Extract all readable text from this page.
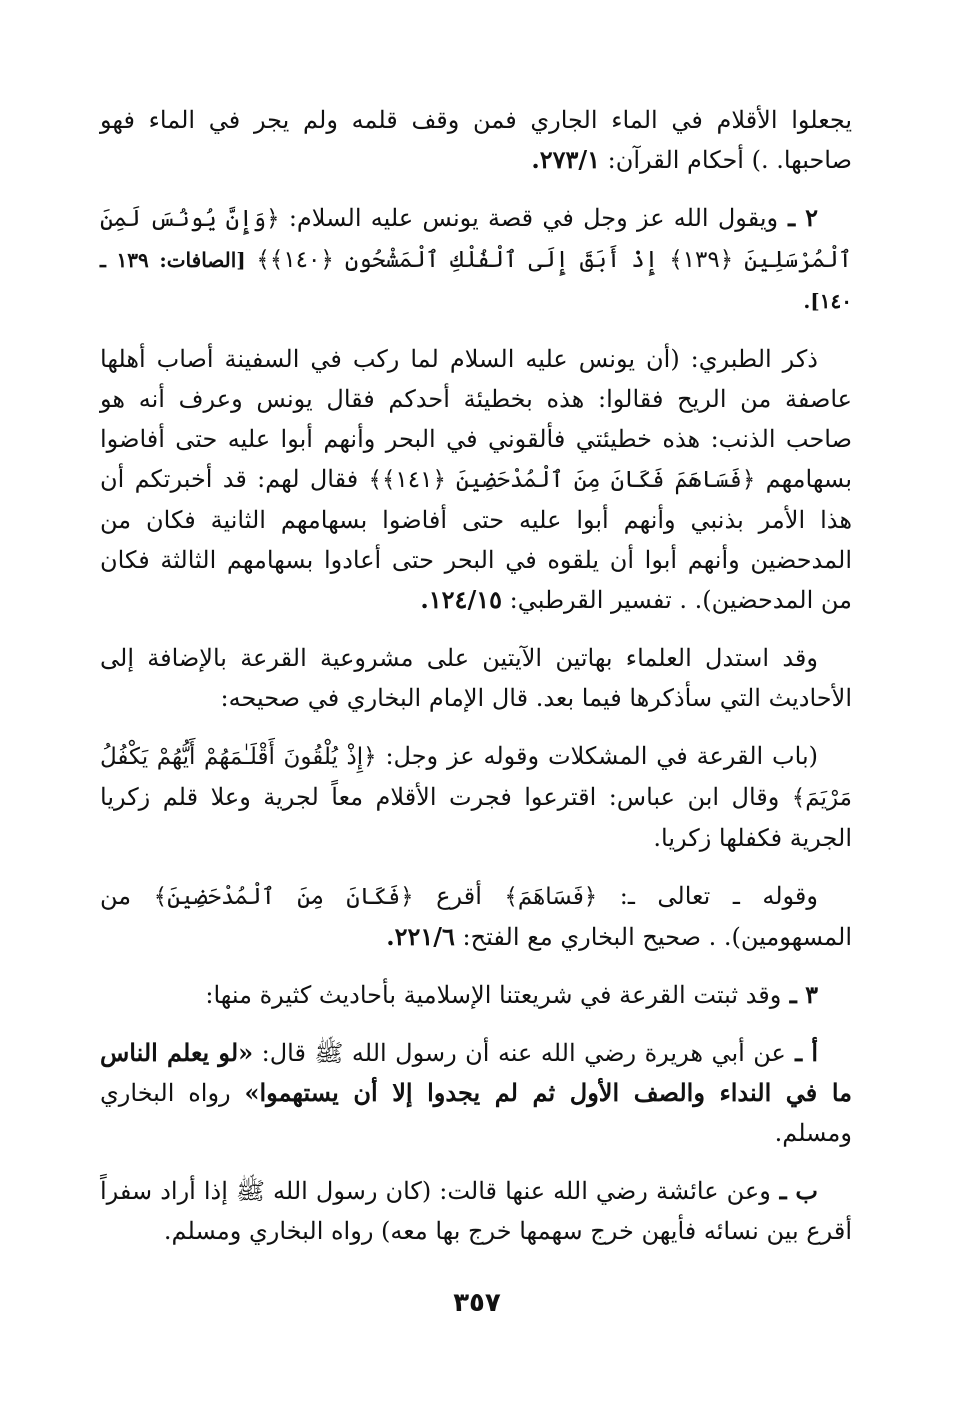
يجعلوا الأقلام في الماء الجاري فمن وقف قلمه ولم يجر في الماء فهو صاحبها. .) أحكام القرآن: ٢٧٣/١.

٢ ـ ويقول الله عز وجل في قصة يونس عليه السلام: ﴿وَإِنَّ يُونُسَ لَمِنَ ٱلْمُرْسَلِينَ ﴿١٣٩﴾ إِذْ أَبَقَ إِلَى ٱلْفُلْكِ ٱلْمَشْحُونِ ﴿١٤٠﴾﴾ [الصافات: ١٣٩ ـ ١٤٠].

ذكر الطبري: (أن يونس عليه السلام لما ركب في السفينة أصاب أهلها عاصفة من الريح فقالوا: هذه بخطيئة أحدكم فقال يونس وعرف أنه هو صاحب الذنب: هذه خطيئتي فألقوني في البحر وأنهم أبوا عليه حتى أفاضوا بسهامهم ﴿فَسَاهَمَ فَكَانَ مِنَ ٱلْمُدْحَضِينَ ﴿١٤١﴾﴾ فقال لهم: قد أخبرتكم أن هذا الأمر بذنبي وأنهم أبوا عليه حتى أفاضوا بسهامهم الثانية فكان من المدحضين وأنهم أبوا أن يلقوه في البحر حتى أعادوا بسهامهم الثالثة فكان من المدحضين). . تفسير القرطبي: ١٢٤/١٥.

وقد استدل العلماء بهاتين الآيتين على مشروعية القرعة بالإضافة إلى الأحاديث التي سأذكرها فيما بعد. قال الإمام البخاري في صحيحه:

(باب القرعة في المشكلات وقوله عز وجل: ﴿إِذْ يُلْقُونَ أَقْلَـٰمَهُمْ أَيُّهُمْ يَكْفُلُ مَرْيَمَ﴾ وقال ابن عباس: اقترعوا فجرت الأقلام معاً لجرية وعلا قلم زكريا الجرية فكفلها زكريا.

وقوله ـ تعالى ـ: ﴿فَسَاهَمَ﴾ أقرع ﴿فَكَانَ مِنَ ٱلْمُدْحَضِينَ﴾ من المسهومين). . صحيح البخاري مع الفتح: ٢٢١/٦.

٣ ـ وقد ثبتت القرعة في شريعتنا الإسلامية بأحاديث كثيرة منها:

أ ـ عن أبي هريرة رضي الله عنه أن رسول الله ﷺ قال: «لو يعلم الناس ما في النداء والصف الأول ثم لم يجدوا إلا أن يستهموا» رواه البخاري ومسلم.

ب ـ وعن عائشة رضي الله عنها قالت: (كان رسول الله ﷺ إذا أراد سفراً أقرع بين نسائه فأيهن خرج سهمها خرج بها معه) رواه البخاري ومسلم.

٣٥٧
